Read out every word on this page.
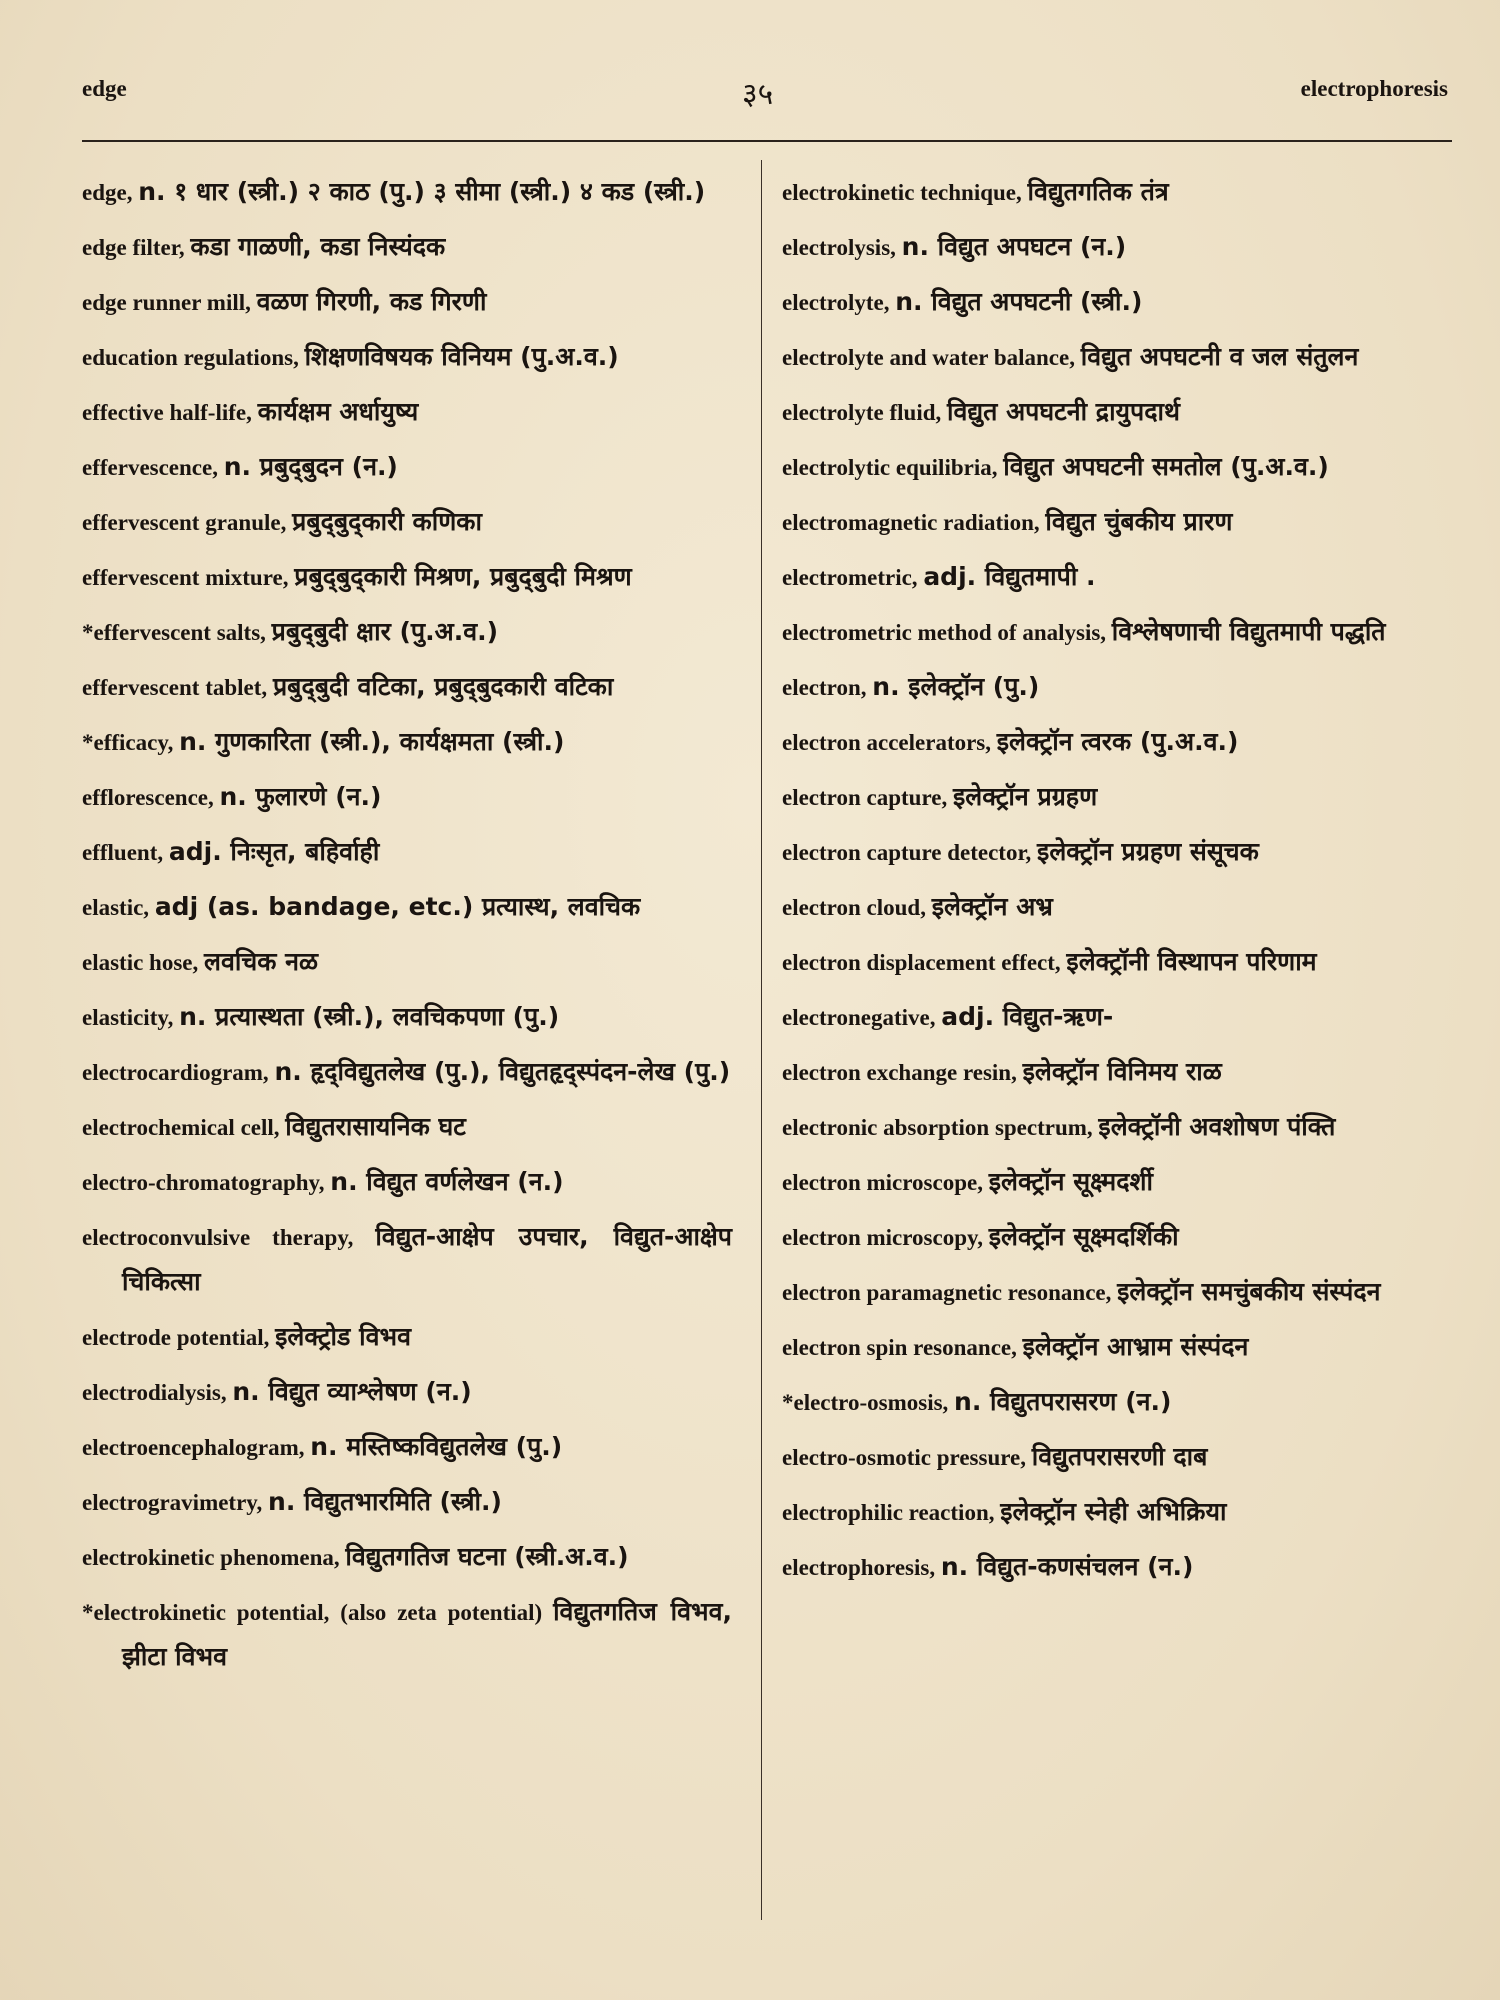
edge	३५	electrophoresis
edge, n. १ धार (स्त्री.) २ काठ (पु.) ३ सीमा (स्त्री.) ४ कड (स्त्री.)
edge filter, कडा गाळणी, कडा निस्यंदक
edge runner mill, वळण गिरणी, कड गिरणी
education regulations, शिक्षणविषयक विनियम (पु.अ.व.)
effective half-life, कार्यक्षम अर्धायुष्य
effervescence, n. प्रबुद्‌बुदन (न.)
effervescent granule, प्रबुद्‌बुद्‌कारी कणिका
effervescent mixture, प्रबुद्‌बुद्‌कारी मिश्रण, प्रबुद्‌बुदी मिश्रण
*effervescent salts, प्रबुद्‌बुदी क्षार (पु.अ.व.)
effervescent tablet, प्रबुद्‌बुदी वटिका, प्रबुद्‌बुदकारी वटिका
*efficacy, n. गुणकारिता (स्त्री.), कार्यक्षमता (स्त्री.)
efflorescence, n. फुलारणे (न.)
effluent, adj. निःसृत, बहिर्वाही
elastic, adj (as. bandage, etc.) प्रत्यास्थ, लवचिक
elastic hose, लवचिक नळ
elasticity, n. प्रत्यास्थता (स्त्री.), लवचिकपणा (पु.)
electrocardiogram, n. हृद्‌विद्युतलेख (पु.), विद्युतहृद्‌स्पंदन-लेख (पु.)
electrochemical cell, विद्युतरासायनिक घट
electro-chromatography, n. विद्युत वर्णलेखन (न.)
electroconvulsive therapy, विद्युत-आक्षेप उपचार, विद्युत-आक्षेप चिकित्सा
electrode potential, इलेक्ट्रोड विभव
electrodialysis, n. विद्युत व्याश्लेषण (न.)
electroencephalogram, n. मस्तिष्कविद्युतलेख (पु.)
electrogravimetry, n. विद्युतभारमिति (स्त्री.)
electrokinetic phenomena, विद्युतगतिज घटना (स्त्री.अ.व.)
*electrokinetic potential, (also zeta potential) विद्युतगतिज विभव, झीटा विभव
electrokinetic technique, विद्युतगतिक तंत्र
electrolysis, n. विद्युत अपघटन (न.)
electrolyte, n. विद्युत अपघटनी (स्त्री.)
electrolyte and water balance, विद्युत अपघटनी व जल संतुलन
electrolyte fluid, विद्युत अपघटनी द्रायुपदार्थ
electrolytic equilibria, विद्युत अपघटनी समतोल (पु.अ.व.)
electromagnetic radiation, विद्युत चुंबकीय प्रारण
electrometric, adj. विद्युतमापी .
electrometric method of analysis, विश्लेषणाची विद्युतमापी पद्धति
electron, n. इलेक्ट्रॉन (पु.)
electron accelerators, इलेक्ट्रॉन त्वरक (पु.अ.व.)
electron capture, इलेक्ट्रॉन प्रग्रहण
electron capture detector, इलेक्ट्रॉन प्रग्रहण संसूचक
electron cloud, इलेक्ट्रॉन अभ्र
electron displacement effect, इलेक्ट्रॉनी विस्थापन परिणाम
electronegative, adj. विद्युत-ऋण-
electron exchange resin, इलेक्ट्रॉन विनिमय राळ
electronic absorption spectrum, इलेक्ट्रॉनी अवशोषण पंक्ति
electron microscope, इलेक्ट्रॉन सूक्ष्मदर्शी
electron microscopy, इलेक्ट्रॉन सूक्ष्मदर्शिकी
electron paramagnetic resonance, इलेक्ट्रॉन समचुंबकीय संस्पंदन
electron spin resonance, इलेक्ट्रॉन आभ्राम संस्पंदन
*electro-osmosis, n. विद्युतपरासरण (न.)
electro-osmotic pressure, विद्युतपरासरणी दाब
electrophilic reaction, इलेक्ट्रॉन स्नेही अभिक्रिया
electrophoresis, n. विद्युत-कणसंचलन (न.)
